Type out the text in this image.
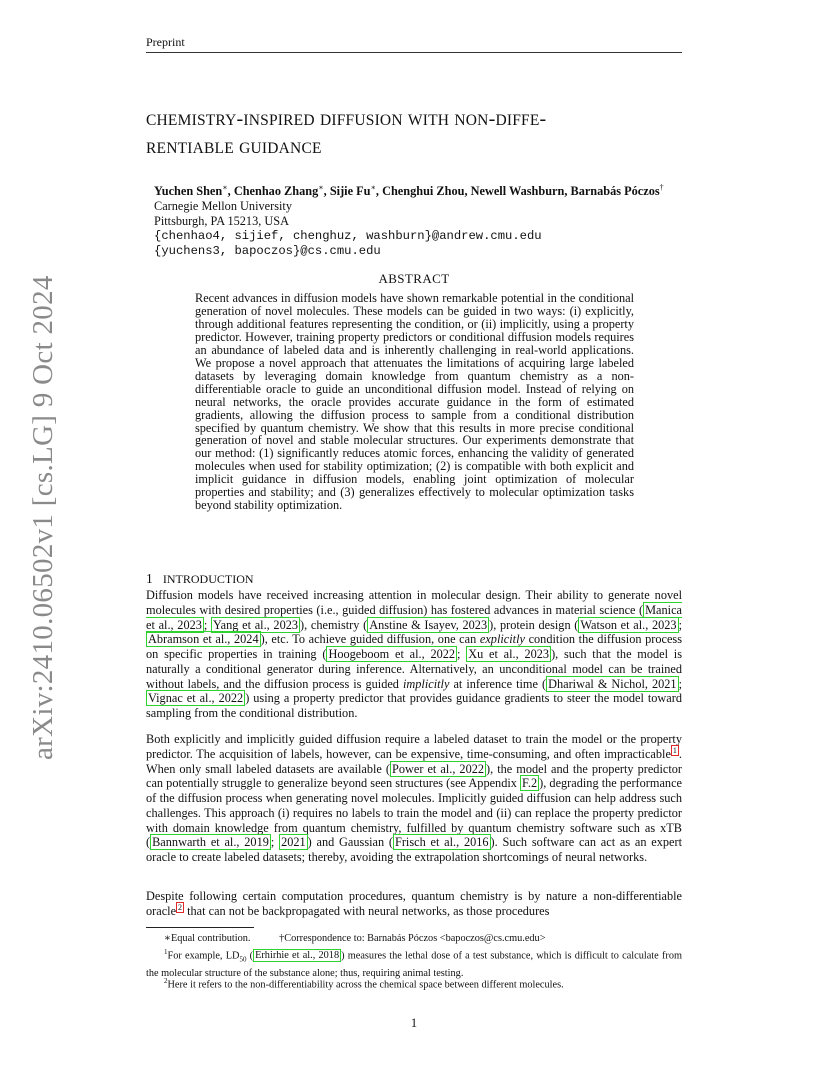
Preprint
CHEMISTRY-INSPIRED DIFFUSION WITH NON-DIFFE-
RENTIABLE GUIDANCE
Yuchen Shen∗, Chenhao Zhang∗, Sijie Fu∗, Chenghui Zhou, Newell Washburn, Barnabás Póczos†
Carnegie Mellon University
Pittsburgh, PA 15213, USA
{chenhao4, sijief, chenghuz, washburn}@andrew.cmu.edu
{yuchens3, bapoczos}@cs.cmu.edu
ABSTRACT
Recent advances in diffusion models have shown remarkable potential in the conditional generation of novel molecules. These models can be guided in two ways: (i) explicitly, through additional features representing the condition, or (ii) implicitly, using a property predictor. However, training property predictors or conditional diffusion models requires an abundance of labeled data and is inherently challenging in real-world applications. We propose a novel approach that attenuates the limitations of acquiring large labeled datasets by leveraging domain knowledge from quantum chemistry as a non-differentiable oracle to guide an unconditional diffusion model. Instead of relying on neural networks, the oracle provides accurate guidance in the form of estimated gradients, allowing the diffusion process to sample from a conditional distribution specified by quantum chemistry. We show that this results in more precise conditional generation of novel and stable molecular structures. Our experiments demonstrate that our method: (1) significantly reduces atomic forces, enhancing the validity of generated molecules when used for stability optimization; (2) is compatible with both explicit and implicit guidance in diffusion models, enabling joint optimization of molecular properties and stability; and (3) generalizes effectively to molecular optimization tasks beyond stability optimization.
arXiv:2410.06502v1 [cs.LG] 9 Oct 2024	1 INTRODUCTION
Diffusion models have received increasing attention in molecular design. Their ability to generate novel molecules with desired properties (i.e., guided diffusion) has fostered advances in material science ( Manica et al., 2023 ; Yang et al., 2023 ), chemistry ( Anstine & Isayev, 2023 ), protein design ( Watson et al., 2023 ; Abramson et al., 2024 ), etc. To achieve guided diffusion, one can explicitly condition the diffusion process on specific properties in training ( Hoogeboom et al., 2022 ; Xu et al., 2023 ), such that the model is naturally a conditional generator during inference. Alternatively, an unconditional model can be trained without labels, and the diffusion process is guided implicitly at inference time ( Dhariwal & Nichol, 2021 ; Vignac et al., 2022 ) using a property predictor that provides guidance gradients to steer the model toward sampling from the conditional distribution.
Both explicitly and implicitly guided diffusion require a labeled dataset to train the model or the property predictor. The acquisition of labels, however, can be expensive, time-consuming, and often impracticable $^1$ . When only small labeled datasets are available ( Power et al., 2022 ), the model and the property predictor can potentially struggle to generalize beyond seen structures (see Appendix F.2 ), degrading the performance of the diffusion process when generating novel molecules. Implicitly guided diffusion can help address such challenges. This approach (i) requires no labels to train the model and (ii) can replace the property predictor with domain knowledge from quantum chemistry, fulfilled by quantum chemistry software such as xTB ( Bannwarth et al., 2019 ; 2021 ) and Gaussian ( Frisch et al., 2016 ). Such software can act as an expert oracle to create labeled datasets; thereby, avoiding the extrapolation shortcomings of neural networks.
Despite following certain computation procedures, quantum chemistry is by nature a non-differentiable oracle $^2$ that can not be backpropagated with neural networks, as those procedures
∗Equal contribution.	†Correspondence to: Barnabás Póczos <bapoczos@cs.cmu.edu>
$^1$For example, $LD_{50}$ ( Erhirhie et al., 2018 ) measures the lethal dose of a test substance, which is difficult to calculate from the molecular structure of the substance alone; thus, requiring animal testing.
$^2$Here it refers to the non-differentiability across the chemical space between different molecules.
1
